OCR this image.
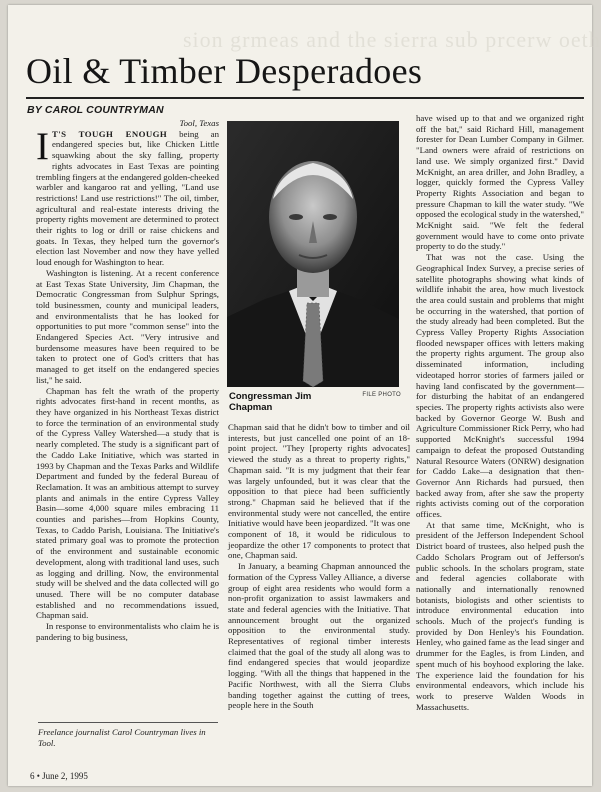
sion grmeas and the sierra sub prcerw oeth
Oil & Timber Desperadoes
BY CAROL COUNTRYMAN

Tool, Texas

I T'S TOUGH ENOUGH being an endangered species but, like Chicken Little squawking about the sky falling, property rights advocates in East Texas are pointing trembling fingers at the endangered golden-cheeked warbler and kangaroo rat and yelling, "Land use restrictions! Land use restrictions!" The oil, timber, agricultural and real-estate interests driving the property rights movement are determined to protect their rights to log or drill or raise chickens and goats. In Texas, they helped turn the governor's election last November and now they have yelled loud enough for Washington to hear.

Washington is listening. At a recent conference at East Texas State University, Jim Chapman, the Democratic Congressman from Sulphur Springs, told businessmen, county and municipal leaders, and environmentalists that he has looked for opportunities to put more "common sense" into the Endangered Species Act. "Very intrusive and burdensome measures have been required to be taken to protect one of God's critters that has managed to get itself on the endangered species list," he said.

Chapman has felt the wrath of the property rights advocates first-hand in recent months, as they have organized in his Northeast Texas district to force the termination of an environmental study of the Cypress Valley Watershed—a study that is nearly completed. The study is a significant part of the Caddo Lake Initiative, which was started in 1993 by Chapman and the Texas Parks and Wildlife Department and funded by the federal Bureau of Reclamation. It was an ambitious attempt to survey plants and animals in the entire Cypress Valley Basin—some 4,000 square miles embracing 11 counties and parishes—from Hopkins County, Texas, to Caddo Parish, Louisiana. The Initiative's stated primary goal was to promote the protection of the environment and sustainable economic development, along with traditional land uses, such as logging and drilling. Now, the environmental study will be shelved and the data collected will go unused. There will be no computer database established and no recommendations issued, Chapman said.

In response to environmentalists who claim he is pandering to big business,

Congressman Jim Chapman
FILE PHOTO

Chapman said that he didn't bow to timber and oil interests, but just cancelled one point of an 18-point project. "They [property rights advocates] viewed the study as a threat to property rights," Chapman said. "It is my judgment that their fear was largely unfounded, but it was clear that the opposition to that piece had been sufficiently strong." Chapman said he believed that if the environmental study were not cancelled, the entire Initiative would have been jeopardized. "It was one component of 18, it would be ridiculous to jeopardize the other 17 components to protect that one, Chapman said.

In January, a beaming Chapman announced the formation of the Cypress Valley Alliance, a diverse group of eight area residents who would form a non-profit organization to assist lawmakers and state and federal agencies with the Initiative. That announcement brought out the organized opposition to the environmental study. Representatives of regional timber interests claimed that the goal of the study all along was to find endangered species that would jeopardize logging. "With all the things that happened in the Pacific Northwest, with all the Sierra Clubs banding together against the cutting of trees, people here in the South

have wised up to that and we organized right off the bat," said Richard Hill, management forester for Dean Lumber Company in Gilmer. "Land owners were afraid of restrictions on land use. We simply organized first." David McKnight, an area driller, and John Bradley, a logger, quickly formed the Cypress Valley Property Rights Association and began to pressure Chapman to kill the water study. "We opposed the ecological study in the watershed," McKnight said. "We felt the federal government would have to come onto private property to do the study."

That was not the case. Using the Geographical Index Survey, a precise series of satellite photographs showing what kinds of wildlife inhabit the area, how much livestock the area could sustain and problems that might be occurring in the watershed, that portion of the study already had been completed. But the Cypress Valley Property Rights Association flooded newspaper offices with letters making the property rights argument. The group also disseminated information, including videotaped horror stories of farmers jailed or having land confiscated by the government—for disturbing the habitat of an endangered species. The property rights activists also were backed by Governor George W. Bush and Agriculture Commissioner Rick Perry, who had supported McKnight's successful 1994 campaign to defeat the proposed Outstanding Natural Resource Waters (ONRW) designation for Caddo Lake—a designation that then-Governor Ann Richards had pursued, then backed away from, after she saw the property rights activists coming out of the corporation offices.

At that same time, McKnight, who is president of the Jefferson Independent School District board of trustees, also helped push the Caddo Scholars Program out of Jefferson's public schools. In the scholars program, state and federal agencies collaborate with nationally and internationally renowned botanists, biologists and other scientists to introduce environmental education into schools. Much of the project's funding is provided by Don Henley's his Foundation. Henley, who gained fame as the lead singer and drummer for the Eagles, is from Linden, and spent much of his boyhood exploring the lake. The experience laid the foundation for his environmental endeavors, which include his work to preserve Walden Woods in Massachusetts.

Freelance journalist Carol Countryman lives in Tool.
6 • June 2, 1995
